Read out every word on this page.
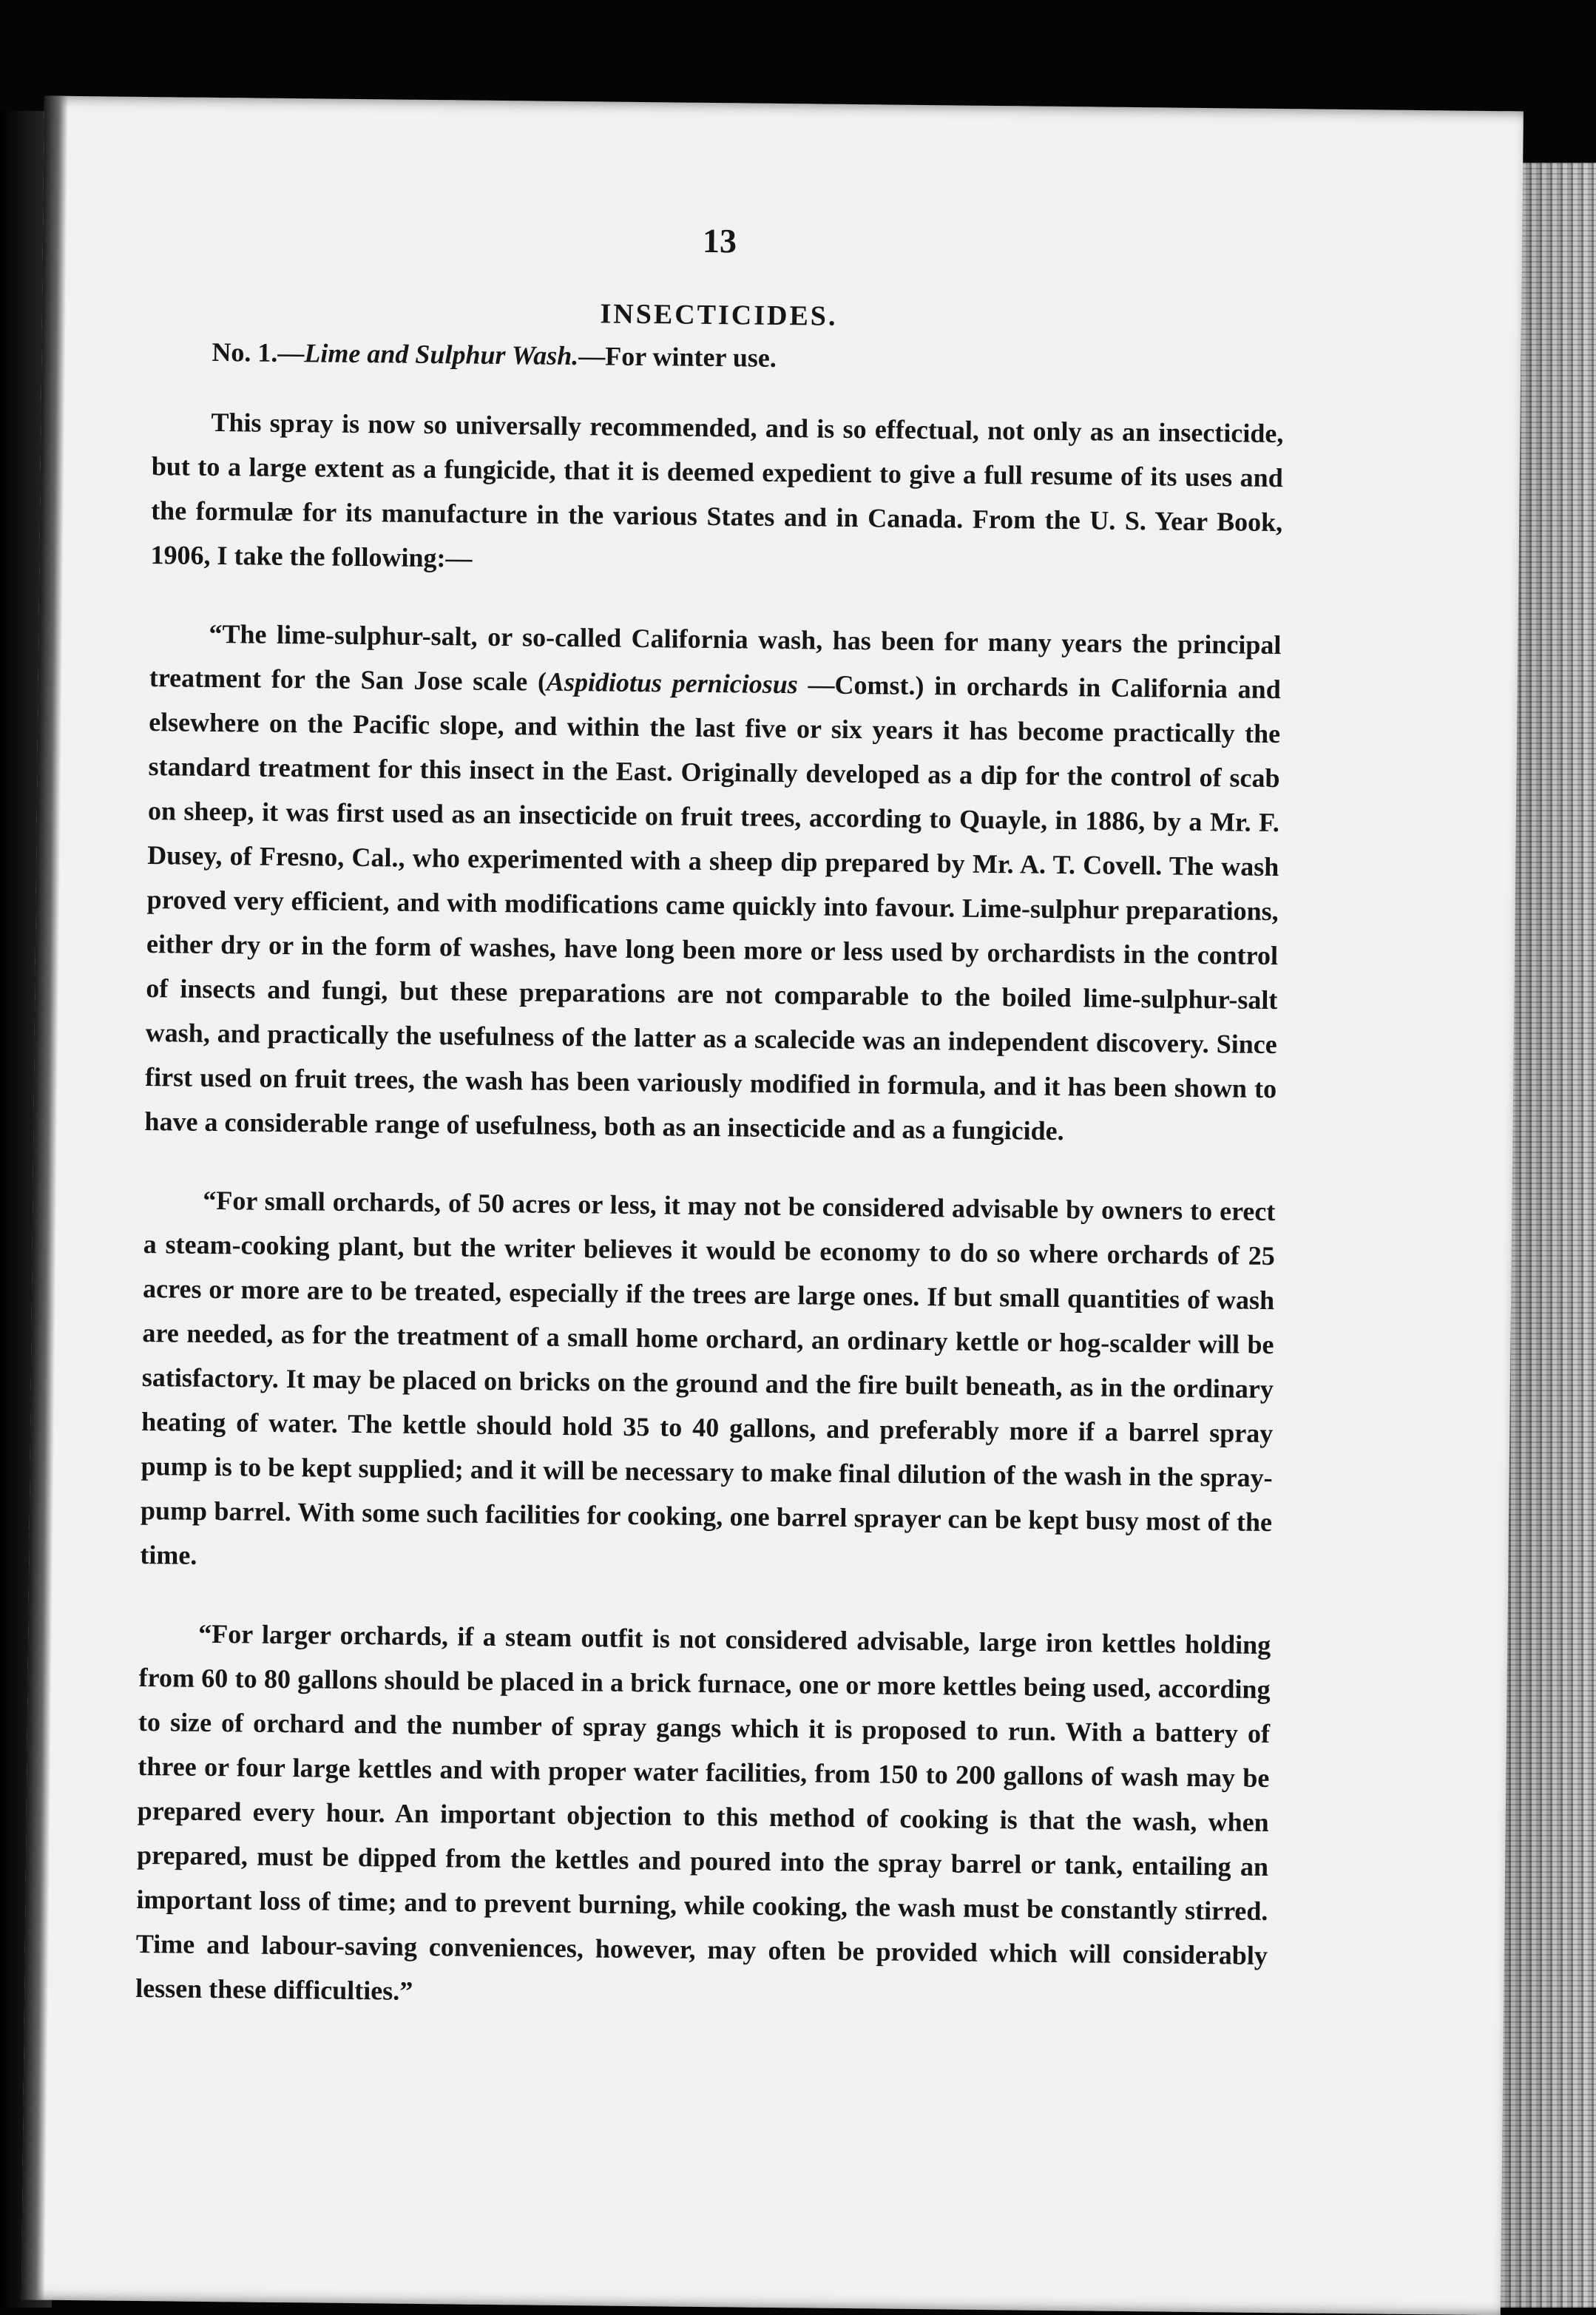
13
INSECTICIDES.
No. 1.—Lime and Sulphur Wash.—For winter use.

This spray is now so universally recommended, and is so effectual, not only as an insecticide, but to a large extent as a fungicide, that it is deemed expedient to give a full resume of its uses and the formulæ for its manufacture in the various States and in Canada. From the U. S. Year Book, 1906, I take the following:—

“The lime-sulphur-salt, or so-called California wash, has been for many years the principal treatment for the San Jose scale (Aspidiotus perniciosus —Comst.) in orchards in California and elsewhere on the Pacific slope, and within the last five or six years it has become practically the standard treatment for this insect in the East. Originally developed as a dip for the control of scab on sheep, it was first used as an insecticide on fruit trees, according to Quayle, in 1886, by a Mr. F. Dusey, of Fresno, Cal., who experimented with a sheep dip prepared by Mr. A. T. Covell. The wash proved very efficient, and with modifications came quickly into favour. Lime-sulphur preparations, either dry or in the form of washes, have long been more or less used by orchardists in the control of insects and fungi, but these preparations are not comparable to the boiled lime-sulphur-salt wash, and practically the usefulness of the latter as a scalecide was an independent discovery. Since first used on fruit trees, the wash has been variously modified in formula, and it has been shown to have a considerable range of usefulness, both as an insecticide and as a fungicide.

“For small orchards, of 50 acres or less, it may not be considered advisable by owners to erect a steam-cooking plant, but the writer believes it would be economy to do so where orchards of 25 acres or more are to be treated, especially if the trees are large ones. If but small quantities of wash are needed, as for the treatment of a small home orchard, an ordinary kettle or hog-scalder will be satisfactory. It may be placed on bricks on the ground and the fire built beneath, as in the ordinary heating of water. The kettle should hold 35 to 40 gallons, and preferably more if a barrel spray pump is to be kept supplied; and it will be necessary to make final dilution of the wash in the spray-pump barrel. With some such facilities for cooking, one barrel sprayer can be kept busy most of the time.

“For larger orchards, if a steam outfit is not considered advisable, large iron kettles holding from 60 to 80 gallons should be placed in a brick furnace, one or more kettles being used, according to size of orchard and the number of spray gangs which it is proposed to run. With a battery of three or four large kettles and with proper water facilities, from 150 to 200 gallons of wash may be prepared every hour. An important objection to this method of cooking is that the wash, when prepared, must be dipped from the kettles and poured into the spray barrel or tank, entailing an important loss of time; and to prevent burning, while cooking, the wash must be constantly stirred. Time and labour-saving conveniences, however, may often be provided which will considerably lessen these difficulties.”
